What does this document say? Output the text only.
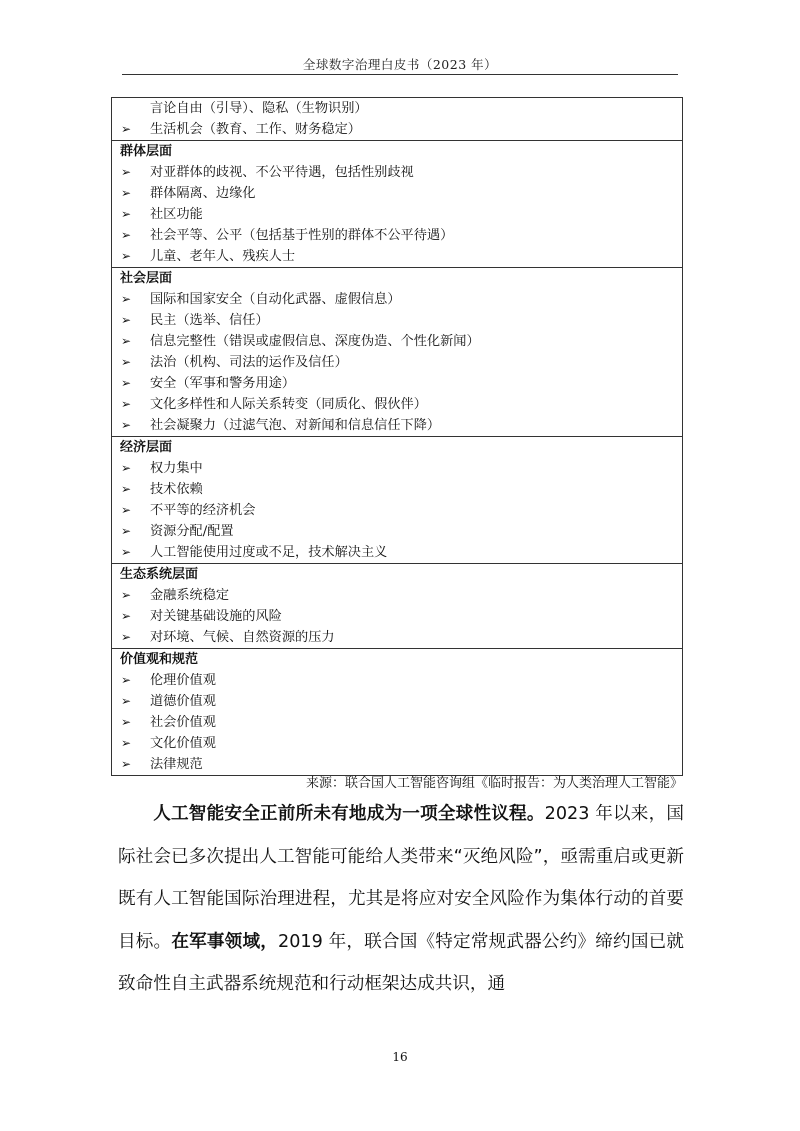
全球数字治理白皮书（2023 年）
言论自由（引导）、隐私（生物识别）
➢ 生活机会（教育、工作、财务稳定）
群体层面
➢ 对亚群体的歧视、不公平待遇，包括性别歧视
➢ 群体隔离、边缘化
➢ 社区功能
➢ 社会平等、公平（包括基于性别的群体不公平待遇）
➢ 儿童、老年人、残疾人士
社会层面
➢ 国际和国家安全（自动化武器、虚假信息）
➢ 民主（选举、信任）
➢ 信息完整性（错误或虚假信息、深度伪造、个性化新闻）
➢ 法治（机构、司法的运作及信任）
➢ 安全（军事和警务用途）
➢ 文化多样性和人际关系转变（同质化、假伙伴）
➢ 社会凝聚力（过滤气泡、对新闻和信息信任下降）
经济层面
➢ 权力集中
➢ 技术依赖
➢ 不平等的经济机会
➢ 资源分配/配置
➢ 人工智能使用过度或不足，技术解决主义
生态系统层面
➢ 金融系统稳定
➢ 对关键基础设施的风险
➢ 对环境、气候、自然资源的压力
价值观和规范
➢ 伦理价值观
➢ 道德价值观
➢ 社会价值观
➢ 文化价值观
➢ 法律规范
来源：联合国人工智能咨询组《临时报告：为人类治理人工智能》

人工智能安全正前所未有地成为一项全球性议程。2023 年以来，国际社会已多次提出人工智能可能给人类带来“灭绝风险”，亟需重启或更新既有人工智能国际治理进程，尤其是将应对安全风险作为集体行动的首要目标。在军事领域，2019 年，联合国《特定常规武器公约》缔约国已就致命性自主武器系统规范和行动框架达成共识，通

16
